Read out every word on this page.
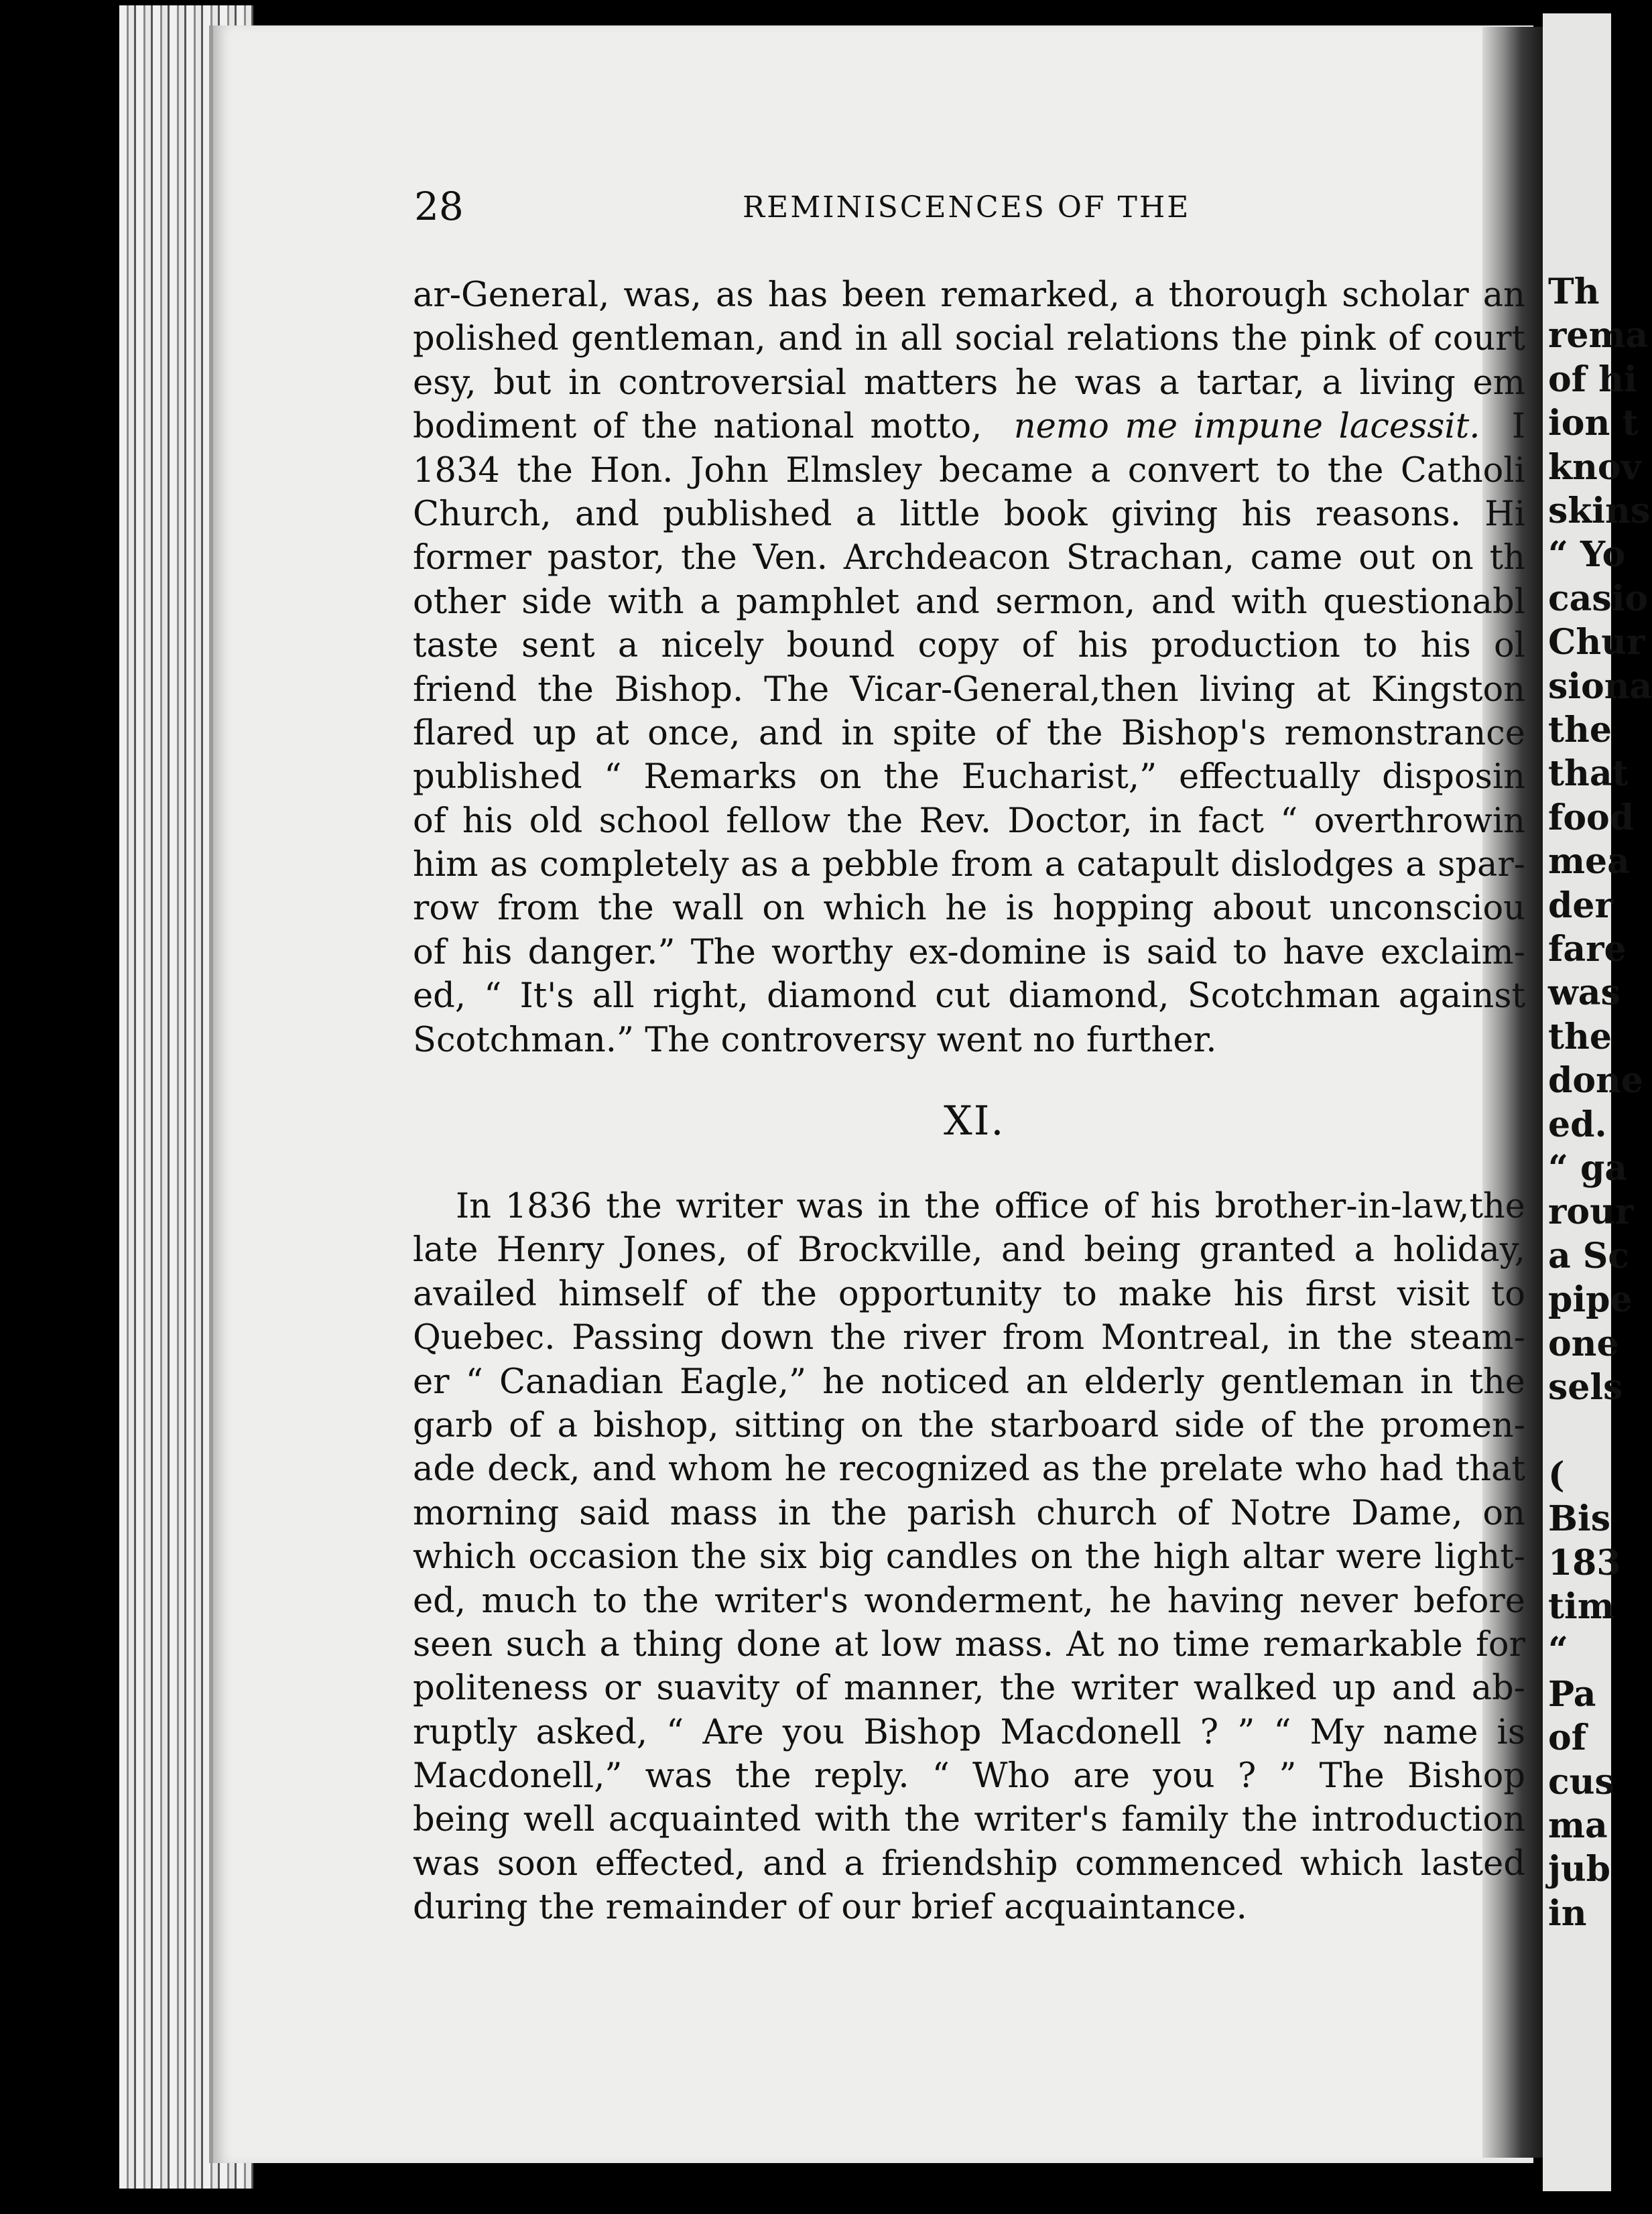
Th
rema
of hi
ion t
knov
skins
“ Yo
casio
Chur
siona
the
that
food
mea
der
fare
was
the
done
ed.
“ ga
rour
a Sc
pipe
one
sels
(
Bis
183
tim
“
Pa
of
cus
ma
jub
in
28	REMINISCENCES OF THE
ar-General, was, as has been remarked, a thorough scholar an
polished gentleman, and in all social relations the pink of court
esy, but in controversial matters he was a tartar, a living em
bodiment of the national motto, nemo me impune lacessit. I
1834 the Hon. John Elmsley became a convert to the Catholi
Church, and published a little book giving his reasons. Hi
former pastor, the Ven. Archdeacon Strachan, came out on th
other side with a pamphlet and sermon, and with questionabl
taste sent a nicely bound copy of his production to his ol
friend the Bishop. The Vicar-General,then living at Kingston
flared up at once, and in spite of the Bishop's remonstrance
published “ Remarks on the Eucharist,” effectually disposin
of his old school fellow the Rev. Doctor, in fact “ overthrowin
him as completely as a pebble from a catapult dislodges a spar-
row from the wall on which he is hopping about unconsciou
of his danger.” The worthy ex-domine is said to have exclaim-
ed, “ It's all right, diamond cut diamond, Scotchman against
Scotchman.” The controversy went no further.
XI.
In 1836 the writer was in the office of his brother-in-law,the
late Henry Jones, of Brockville, and being granted a holiday,
availed himself of the opportunity to make his first visit to
Quebec. Passing down the river from Montreal, in the steam-
er “ Canadian Eagle,” he noticed an elderly gentleman in the
garb of a bishop, sitting on the starboard side of the promen-
ade deck, and whom he recognized as the prelate who had that
morning said mass in the parish church of Notre Dame, on
which occasion the six big candles on the high altar were light-
ed, much to the writer's wonderment, he having never before
seen such a thing done at low mass. At no time remarkable for
politeness or suavity of manner, the writer walked up and ab-
ruptly asked, “ Are you Bishop Macdonell ? ” “ My name is
Macdonell,” was the reply. “ Who are you ? ” The Bishop
being well acquainted with the writer's family the introduction
was soon effected, and a friendship commenced which lasted
during the remainder of our brief acquaintance.
